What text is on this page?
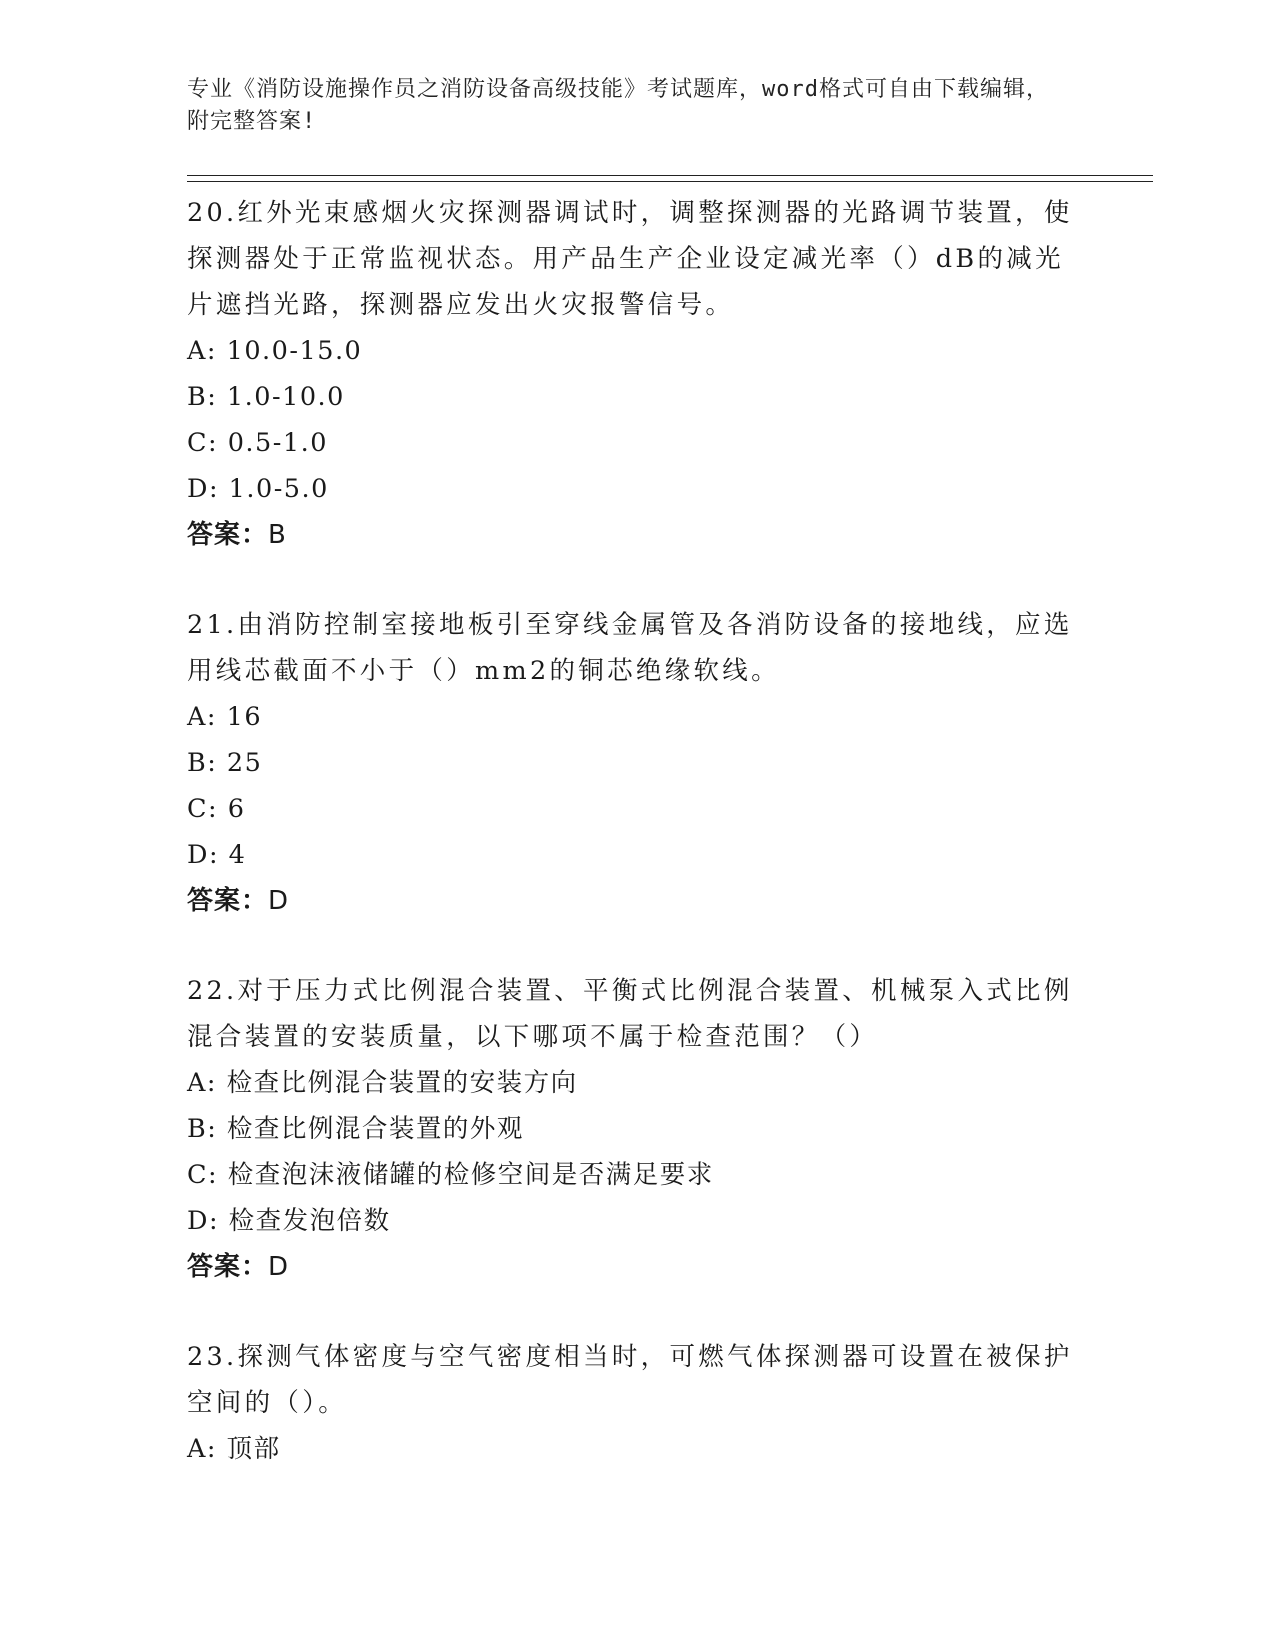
专业《消防设施操作员之消防设备高级技能》考试题库，word格式可自由下载编辑，附完整答案!

20.红外光束感烟火灾探测器调试时，调整探测器的光路调节装置，使探测器处于正常监视状态。用产品生产企业设定减光率（）dB的减光片遮挡光路，探测器应发出火灾报警信号。

A: 10.0-15.0

B: 1.0-10.0

C: 0.5-1.0

D: 1.0-5.0

答案：B

21.由消防控制室接地板引至穿线金属管及各消防设备的接地线，应选用线芯截面不小于（）mm2的铜芯绝缘软线。

A: 16

B: 25

C: 6

D: 4

答案：D

22.对于压力式比例混合装置、平衡式比例混合装置、机械泵入式比例混合装置的安装质量，以下哪项不属于检查范围？（）

A: 检查比例混合装置的安装方向

B: 检查比例混合装置的外观

C: 检查泡沫液储罐的检修空间是否满足要求

D: 检查发泡倍数

答案：D

23.探测气体密度与空气密度相当时，可燃气体探测器可设置在被保护空间的（）。

A: 顶部
